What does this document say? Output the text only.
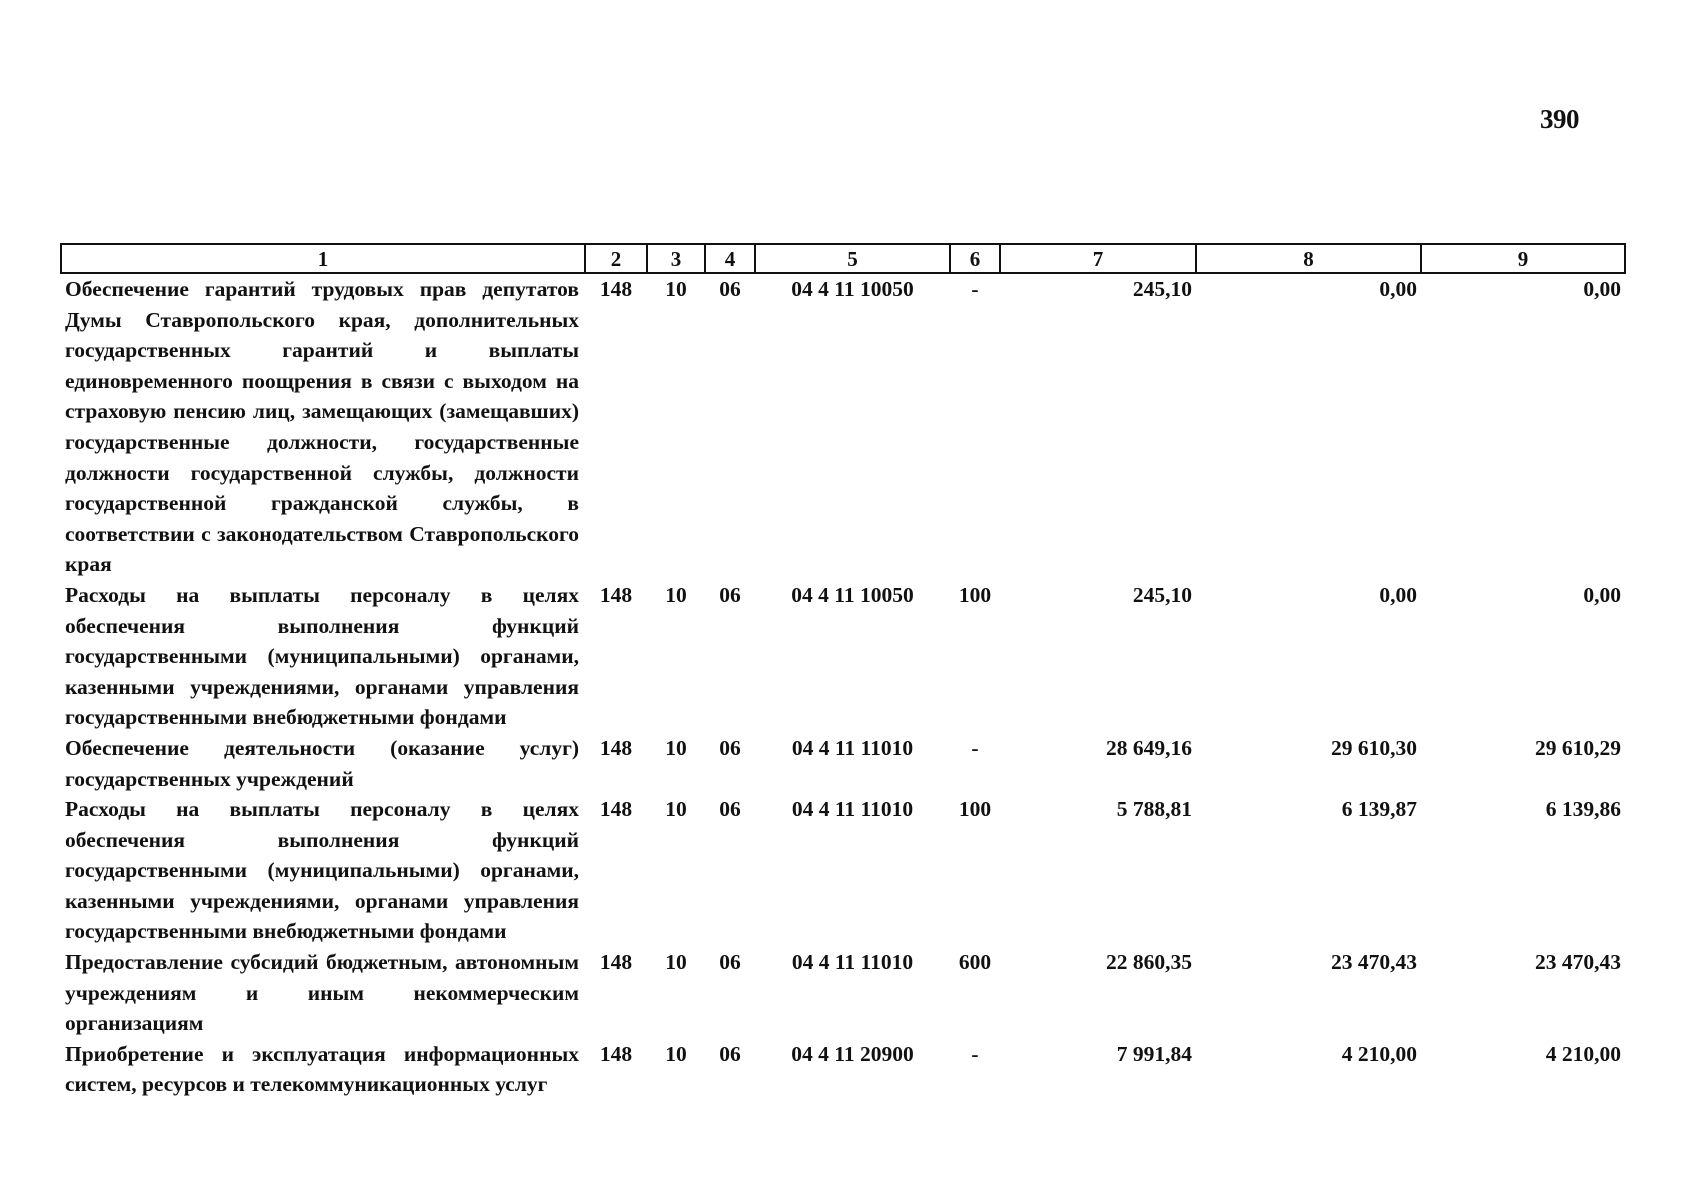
390
1	2	3	4	5	6	7	8	9
Обеспечение гарантий трудовых прав депутатов Думы Ставропольского края, дополнительных государственных гарантий и выплаты единовременного поощрения в связи с выходом на страховую пенсию лиц, замещающих (замещавших) государственные должности, государственные должности государственной службы, должности государственной гражданской службы, в соответствии с законодательством Ставропольского края	148	10	06	04 4 11 10050	-	245,10	0,00	0,00
Расходы на выплаты персоналу в целях обеспечения выполнения функций государственными (муниципальными) органами, казенными учреждениями, органами управления государственными внебюджетными фондами	148	10	06	04 4 11 10050	100	245,10	0,00	0,00
Обеспечение деятельности (оказание услуг) государственных учреждений	148	10	06	04 4 11 11010	-	28 649,16	29 610,30	29 610,29
Расходы на выплаты персоналу в целях обеспечения выполнения функций государственными (муниципальными) органами, казенными учреждениями, органами управления государственными внебюджетными фондами	148	10	06	04 4 11 11010	100	5 788,81	6 139,87	6 139,86
Предоставление субсидий бюджетным, автономным учреждениям и иным некоммерческим организациям	148	10	06	04 4 11 11010	600	22 860,35	23 470,43	23 470,43
Приобретение и эксплуатация информационных систем, ресурсов и телекоммуникационных услуг	148	10	06	04 4 11 20900	-	7 991,84	4 210,00	4 210,00
